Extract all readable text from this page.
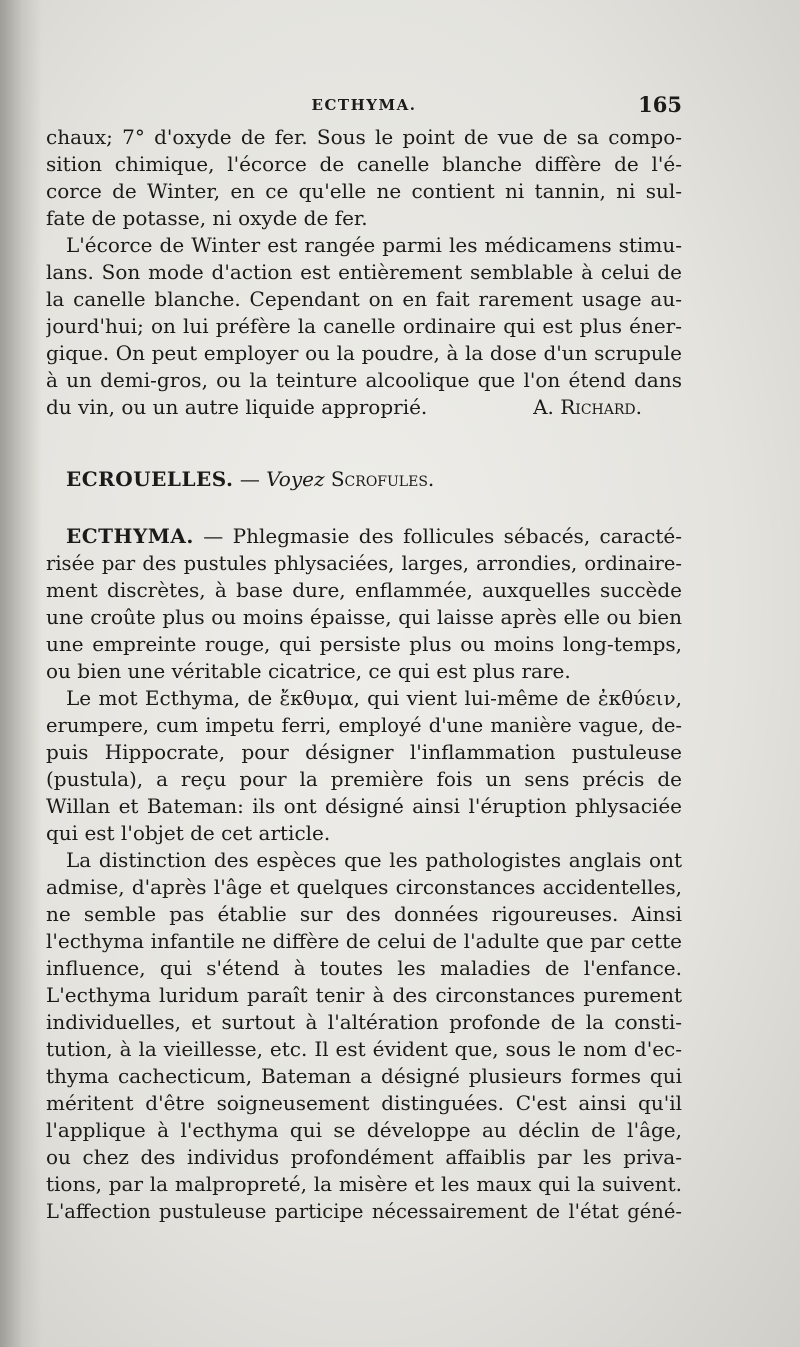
ECTHYMA.	165
chaux; 7° d'oxyde de fer. Sous le point de vue de sa compo-
sition chimique, l'écorce de canelle blanche diffère de l'é-
corce de Winter, en ce qu'elle ne contient ni tannin, ni sul-
fate de potasse, ni oxyde de fer.
L'écorce de Winter est rangée parmi les médicamens stimu-
lans. Son mode d'action est entièrement semblable à celui de
la canelle blanche. Cependant on en fait rarement usage au-
jourd'hui; on lui préfère la canelle ordinaire qui est plus éner-
gique. On peut employer ou la poudre, à la dose d'un scrupule
à un demi-gros, ou la teinture alcoolique que l'on étend dans
du vin, ou un autre liquide approprié.	A. Richard.
ECROUELLES. — Voyez Scrofules.
ECTHYMA. — Phlegmasie des follicules sébacés, caracté-
risée par des pustules phlysaciées, larges, arrondies, ordinaire-
ment discrètes, à base dure, enflammée, auxquelles succède
une croûte plus ou moins épaisse, qui laisse après elle ou bien
une empreinte rouge, qui persiste plus ou moins long-temps,
ou bien une véritable cicatrice, ce qui est plus rare.
Le mot Ecthyma, de ἔκθυμα, qui vient lui-même de ἐκθύειν,
erumpere, cum impetu ferri, employé d'une manière vague, de-
puis Hippocrate, pour désigner l'inflammation pustuleuse
(pustula), a reçu pour la première fois un sens précis de
Willan et Bateman: ils ont désigné ainsi l'éruption phlysaciée
qui est l'objet de cet article.
La distinction des espèces que les pathologistes anglais ont
admise, d'après l'âge et quelques circonstances accidentelles,
ne semble pas établie sur des données rigoureuses. Ainsi
l'ecthyma infantile ne diffère de celui de l'adulte que par cette
influence, qui s'étend à toutes les maladies de l'enfance.
L'ecthyma luridum paraît tenir à des circonstances purement
individuelles, et surtout à l'altération profonde de la consti-
tution, à la vieillesse, etc. Il est évident que, sous le nom d'ec-
thyma cachecticum, Bateman a désigné plusieurs formes qui
méritent d'être soigneusement distinguées. C'est ainsi qu'il
l'applique à l'ecthyma qui se développe au déclin de l'âge,
ou chez des individus profondément affaiblis par les priva-
tions, par la malpropreté, la misère et les maux qui la suivent.
L'affection pustuleuse participe nécessairement de l'état géné-
